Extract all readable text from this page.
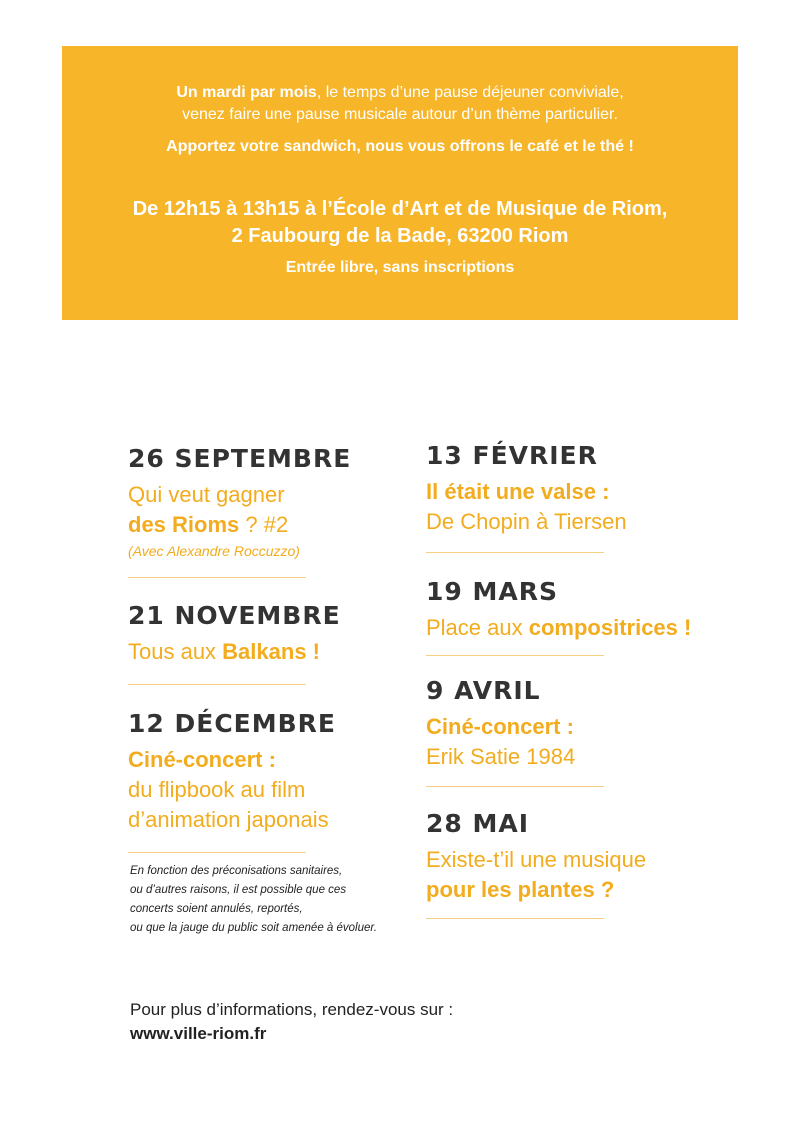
Un mardi par mois, le temps d’une pause déjeuner conviviale,
venez faire une pause musicale autour d’un thème particulier.
Apportez votre sandwich, nous vous offrons le café et le thé !
De 12h15 à 13h15 à l’École d’Art et de Musique de Riom,
2 Faubourg de la Bade, 63200 Riom
Entrée libre, sans inscriptions
26 SEPTEMBRE
Qui veut gagner
des Rioms ? #2
(Avec Alexandre Roccuzzo)
21 NOVEMBRE
Tous aux Balkans !
12 DÉCEMBRE
Ciné-concert :
du flipbook au film
d’animation japonais
En fonction des préconisations sanitaires,
ou d’autres raisons, il est possible que ces
concerts soient annulés, reportés,
ou que la jauge du public soit amenée à évoluer.
13 FÉVRIER
Il était une valse :
De Chopin à Tiersen
19 MARS
Place aux compositrices !
9 AVRIL
Ciné-concert :
Erik Satie 1984
28 MAI
Existe-t’il une musique
pour les plantes ?
Pour plus d’informations, rendez-vous sur :
www.ville-riom.fr
